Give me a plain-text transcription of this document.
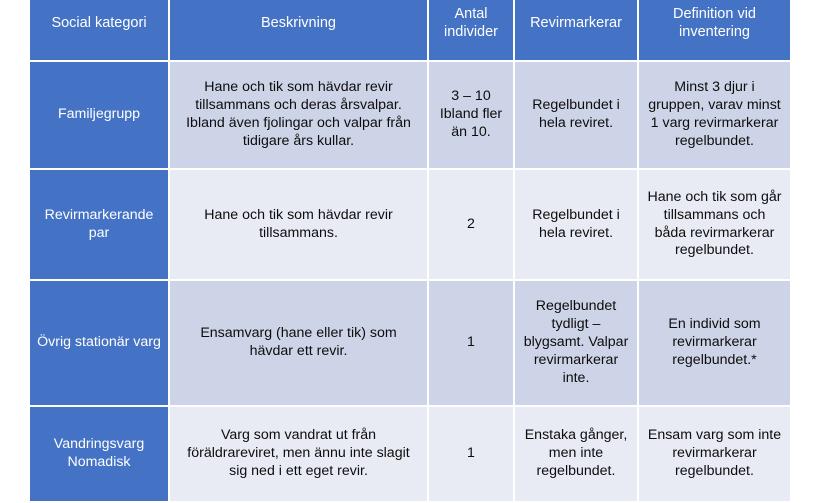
Social kategori	Beskrivning	Antal individer	Revirmarkerar	Definition vid inventering
Familjegrupp	Hane och tik som hävdar revir tillsammans och deras årsvalpar. Ibland även fjolingar och valpar från tidigare års kullar.	3 – 10 Ibland fler än 10.	Regelbundet i hela reviret.	Minst 3 djur i gruppen, varav minst 1 varg revirmarkerar regelbundet.
Revirmarkerande par	Hane och tik som hävdar revir tillsammans.	2	Regelbundet i hela reviret.	Hane och tik som går tillsammans och båda revirmarkerar regelbundet.
Övrig stationär varg	Ensamvarg (hane eller tik) som hävdar ett revir.	1	Regelbundet tydligt – blygsamt. Valpar revirmarkerar inte.	En individ som revirmarkerar regelbundet.*
Vandringsvarg Nomadisk	Varg som vandrat ut från föräldrareviret, men ännu inte slagit sig ned i ett eget revir.	1	Enstaka gånger, men inte regelbundet.	Ensam varg som inte revirmarkerar regelbundet.
